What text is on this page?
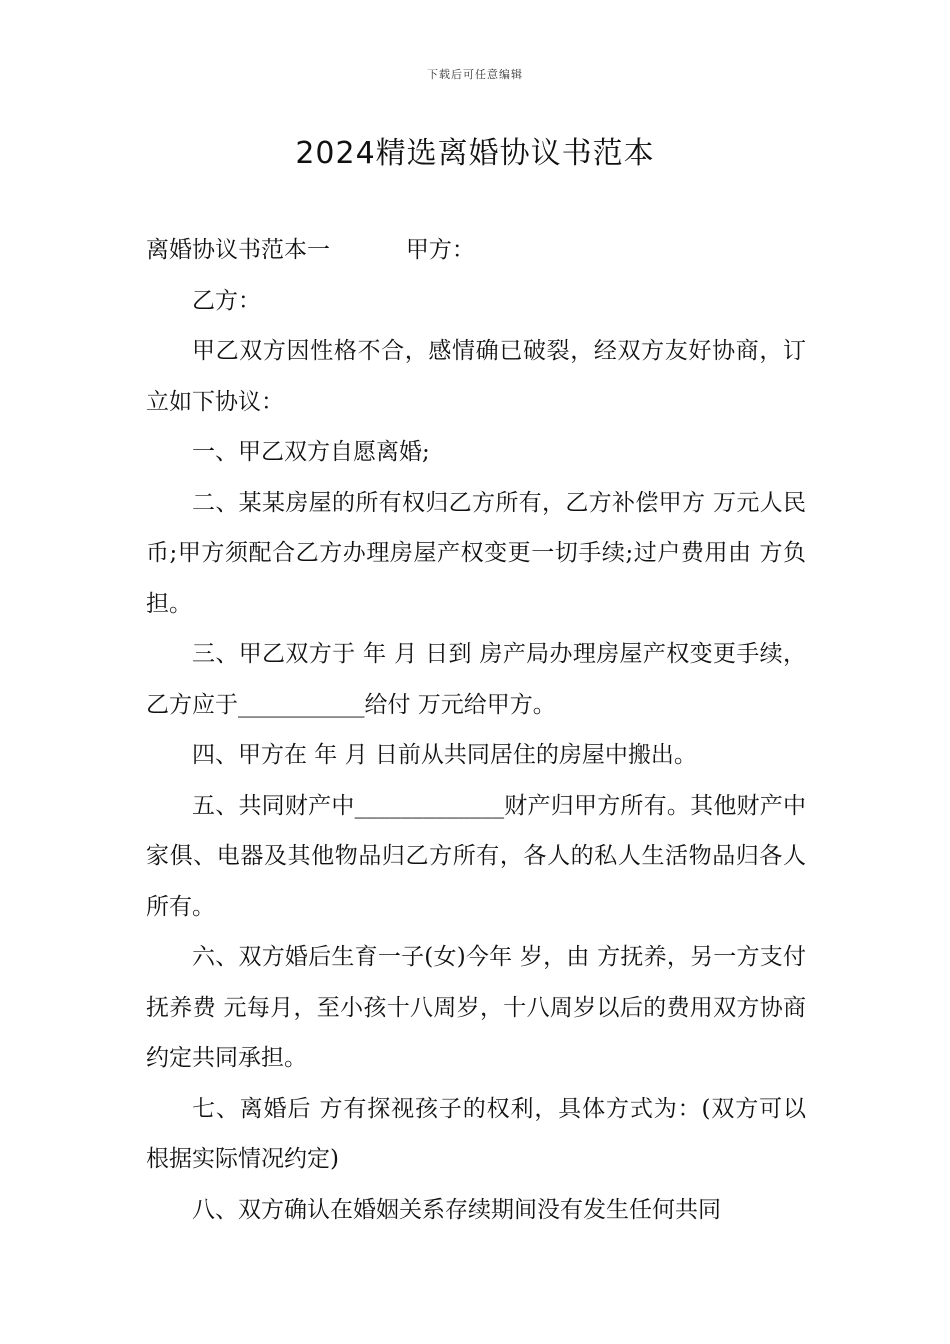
下载后可任意编辑
2024精选离婚协议书范本

离婚协议书范本一	甲方：

乙方：

甲乙双方因性格不合，感情确已破裂，经双方友好协商，订立如下协议：

一、甲乙双方自愿离婚;

二、某某房屋的所有权归乙方所有，乙方补偿甲方 万元人民币;甲方须配合乙方办理房屋产权变更一切手续;过户费用由 方负担。

三、甲乙双方于 年 月 日到 房产局办理房屋产权变更手续，乙方应于___________给付 万元给甲方。

四、甲方在 年 月 日前从共同居住的房屋中搬出。

五、共同财产中_____________财产归甲方所有。其他财产中家俱、电器及其他物品归乙方所有，各人的私人生活物品归各人所有。

六、双方婚后生育一子(女)今年 岁，由 方抚养，另一方支付抚养费 元每月，至小孩十八周岁，十八周岁以后的费用双方协商约定共同承担。

七、离婚后 方有探视孩子的权利，具体方式为：(双方可以根据实际情况约定)

八、双方确认在婚姻关系存续期间没有发生任何共同
